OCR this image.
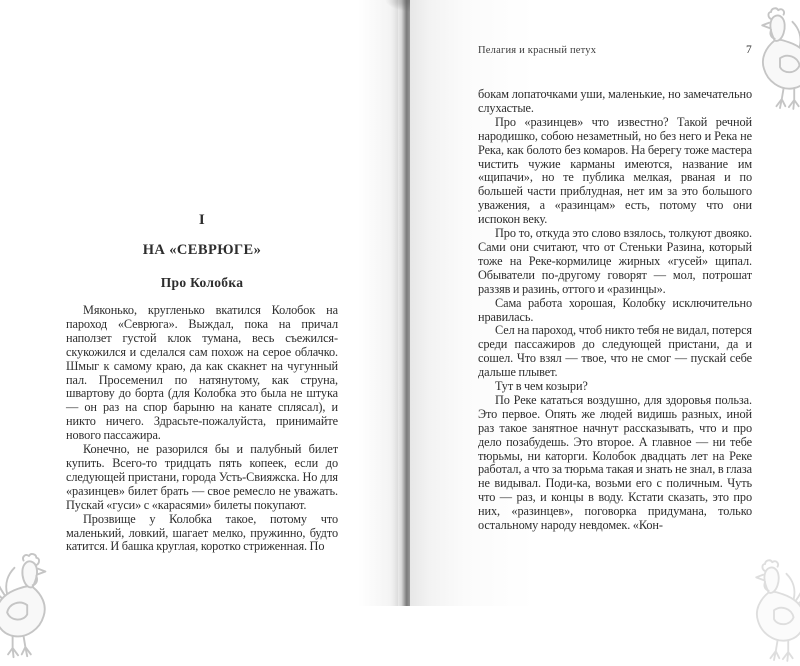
I
НА «СЕВРЮГЕ»
Про Колобка

Мяконько, кругленько вкатился Колобок на пароход «Севрюга». Выждал, пока на причал наползет густой клок тумана, весь съежился-скукожился и сделался сам похож на серое облачко. Шмыг к самому краю, да как скакнет на чугунный пал. Просеменил по натянутому, как струна, швартову до борта (для Колобка это была не штука — он раз на спор барыню на канате сплясал), и никто ничего. Здрасьте-пожалуйста, принимайте нового пассажира.

Конечно, не разорился бы и палубный билет купить. Всего-то тридцать пять копеек, если до следующей пристани, города Усть-Свияжска. Но для «разинцев» билет брать — свое ремесло не уважать. Пускай «гуси» с «карасями» билеты покупают.

Прозвище у Колобка такое, потому что маленький, ловкий, шагает мелко, пружинно, будто катится. И башка круглая, коротко стриженная. По

Пелагия и красный петух	7

бокам лопаточками уши, маленькие, но замечательно слухастые.

Про «разинцев» что известно? Такой речной народишко, собою незаметный, но без него и Река не Река, как болото без комаров. На берегу тоже мастера чистить чужие карманы имеются, название им «щипачи», но те публика мелкая, рваная и по большей части приблудная, нет им за это большого уважения, а «разинцам» есть, потому что они испокон веку.

Про то, откуда это слово взялось, толкуют двояко. Сами они считают, что от Стеньки Разина, который тоже на Реке-кормилице жирных «гусей» щипал. Обыватели по-другому говорят — мол, потрошат раззяв и разинь, оттого и «разинцы».

Сама работа хорошая, Колобку исключительно нравилась.

Сел на пароход, чтоб никто тебя не видал, потерся среди пассажиров до следующей пристани, да и сошел. Что взял — твое, что не смог — пускай себе дальше плывет.

Тут в чем козыри?

По Реке кататься воздушно, для здоровья польза. Это первое. Опять же людей видишь разных, иной раз такое занятное начнут рассказывать, что и про дело позабудешь. Это второе. А главное — ни тебе тюрьмы, ни каторги. Колобок двадцать лет на Реке работал, а что за тюрьма такая и знать не знал, в глаза не видывал. Поди-ка, возьми его с поличным. Чуть что — раз, и концы в воду. Кстати сказать, это про них, «разинцев», поговорка придумана, только остальному народу невдомек. «Кон-
